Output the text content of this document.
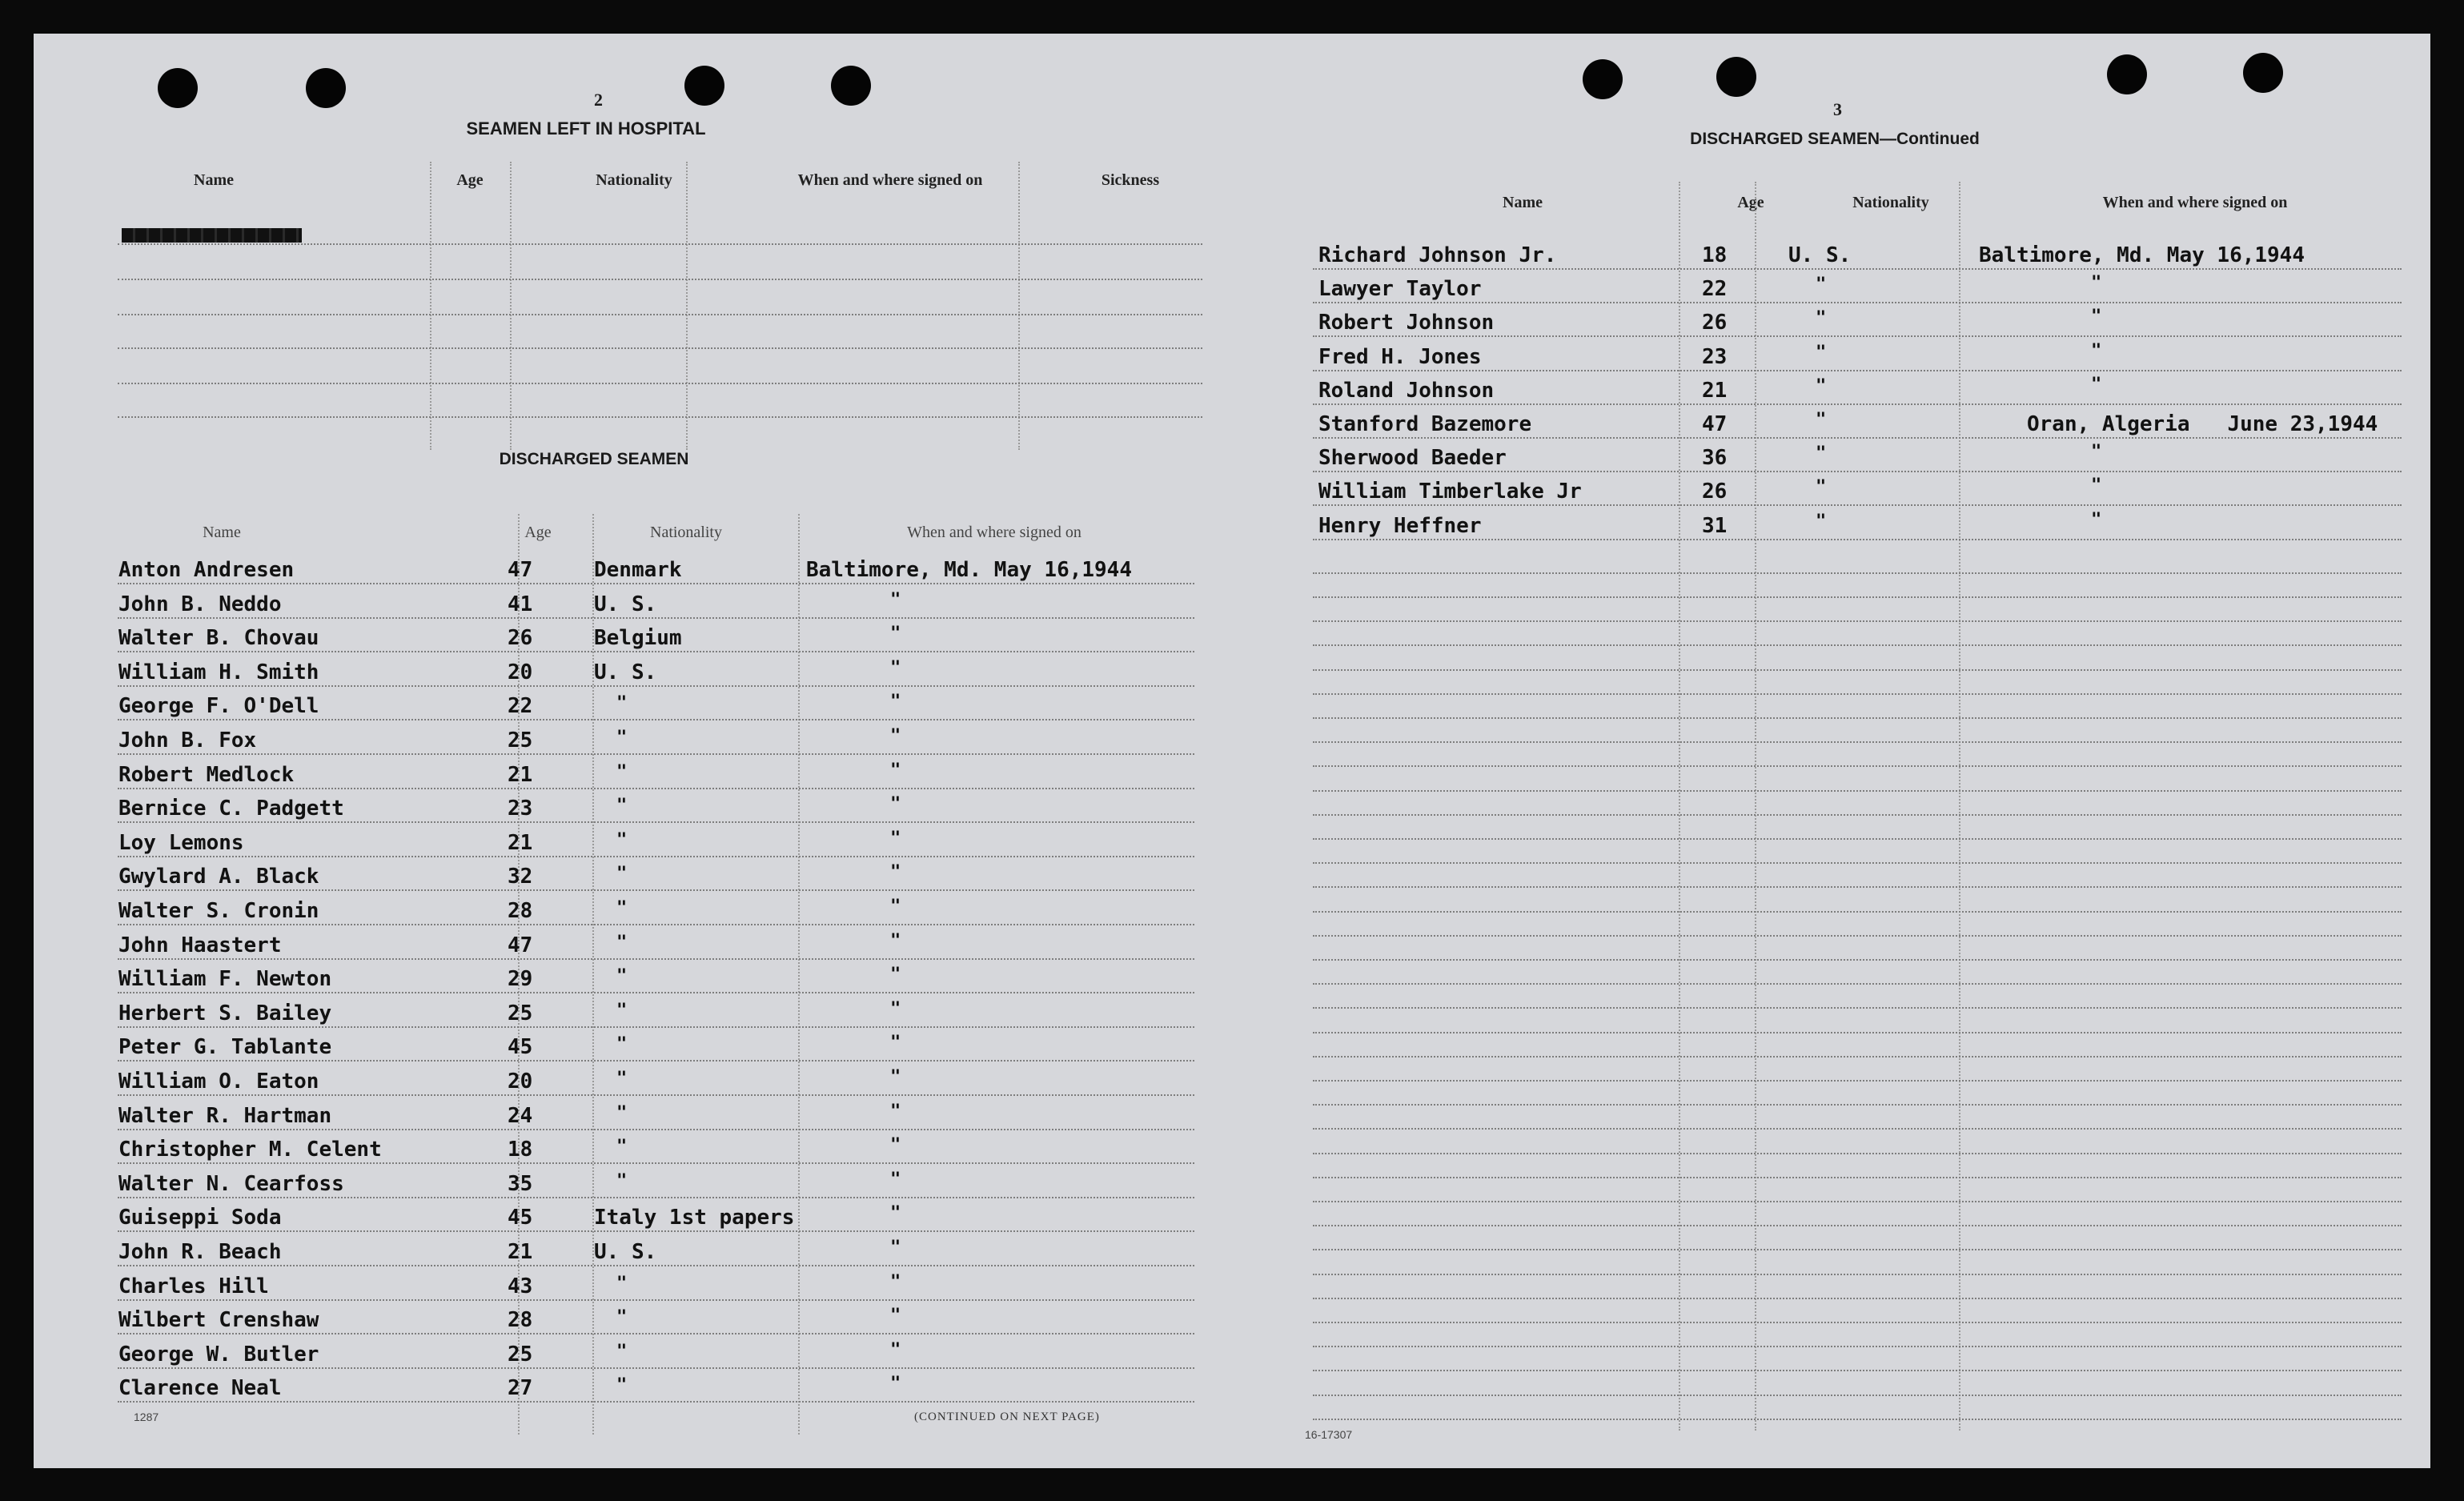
2
SEAMEN LEFT IN HOSPITAL
DISCHARGED SEAMEN
1287	(CONTINUED ON NEXT PAGE)
3
DISCHARGED SEAMEN—Continued
16-17307
Name	Age	Nationality	When and where signed on	Sickness
Name	Age	Nationality	When and where signed on
Anton Andresen	47	Denmark	Baltimore, Md. May 16,1944
John B. Neddo	41	U. S.	"
Walter B. Chovau	26	Belgium	"
William H. Smith	20	U. S.	"
George F. O'Dell	22	"	"
John B. Fox	25	"	"
Robert Medlock	21	"	"
Bernice C. Padgett	23	"	"
Loy Lemons	21	"	"
Gwylard A. Black	32	"	"
Walter S. Cronin	28	"	"
John Haastert	47	"	"
William F. Newton	29	"	"
Herbert S. Bailey	25	"	"
Peter G. Tablante	45	"	"
William O. Eaton	20	"	"
Walter R. Hartman	24	"	"
Christopher M. Celent	18	"	"
Walter N. Cearfoss	35	"	"
Guiseppi Soda	45	Italy 1st papers	"
John R. Beach	21	U. S.	"
Charles Hill	43	"	"
Wilbert Crenshaw	28	"	"
George W. Butler	25	"	"
Clarence Neal	27	"	"
Name	Age	Nationality	When and where signed on
Richard Johnson Jr.	18	U. S.	Baltimore, Md. May 16,1944
Lawyer Taylor	22	"	"
Robert Johnson	26	"	"
Fred H. Jones	23	"	"
Roland Johnson	21	"	"
Stanford Bazemore	47	"	Oran, Algeria   June 23,1944
Sherwood Baeder	36	"	"
William Timberlake Jr	26	"	"
Henry Heffner	31	"	"
